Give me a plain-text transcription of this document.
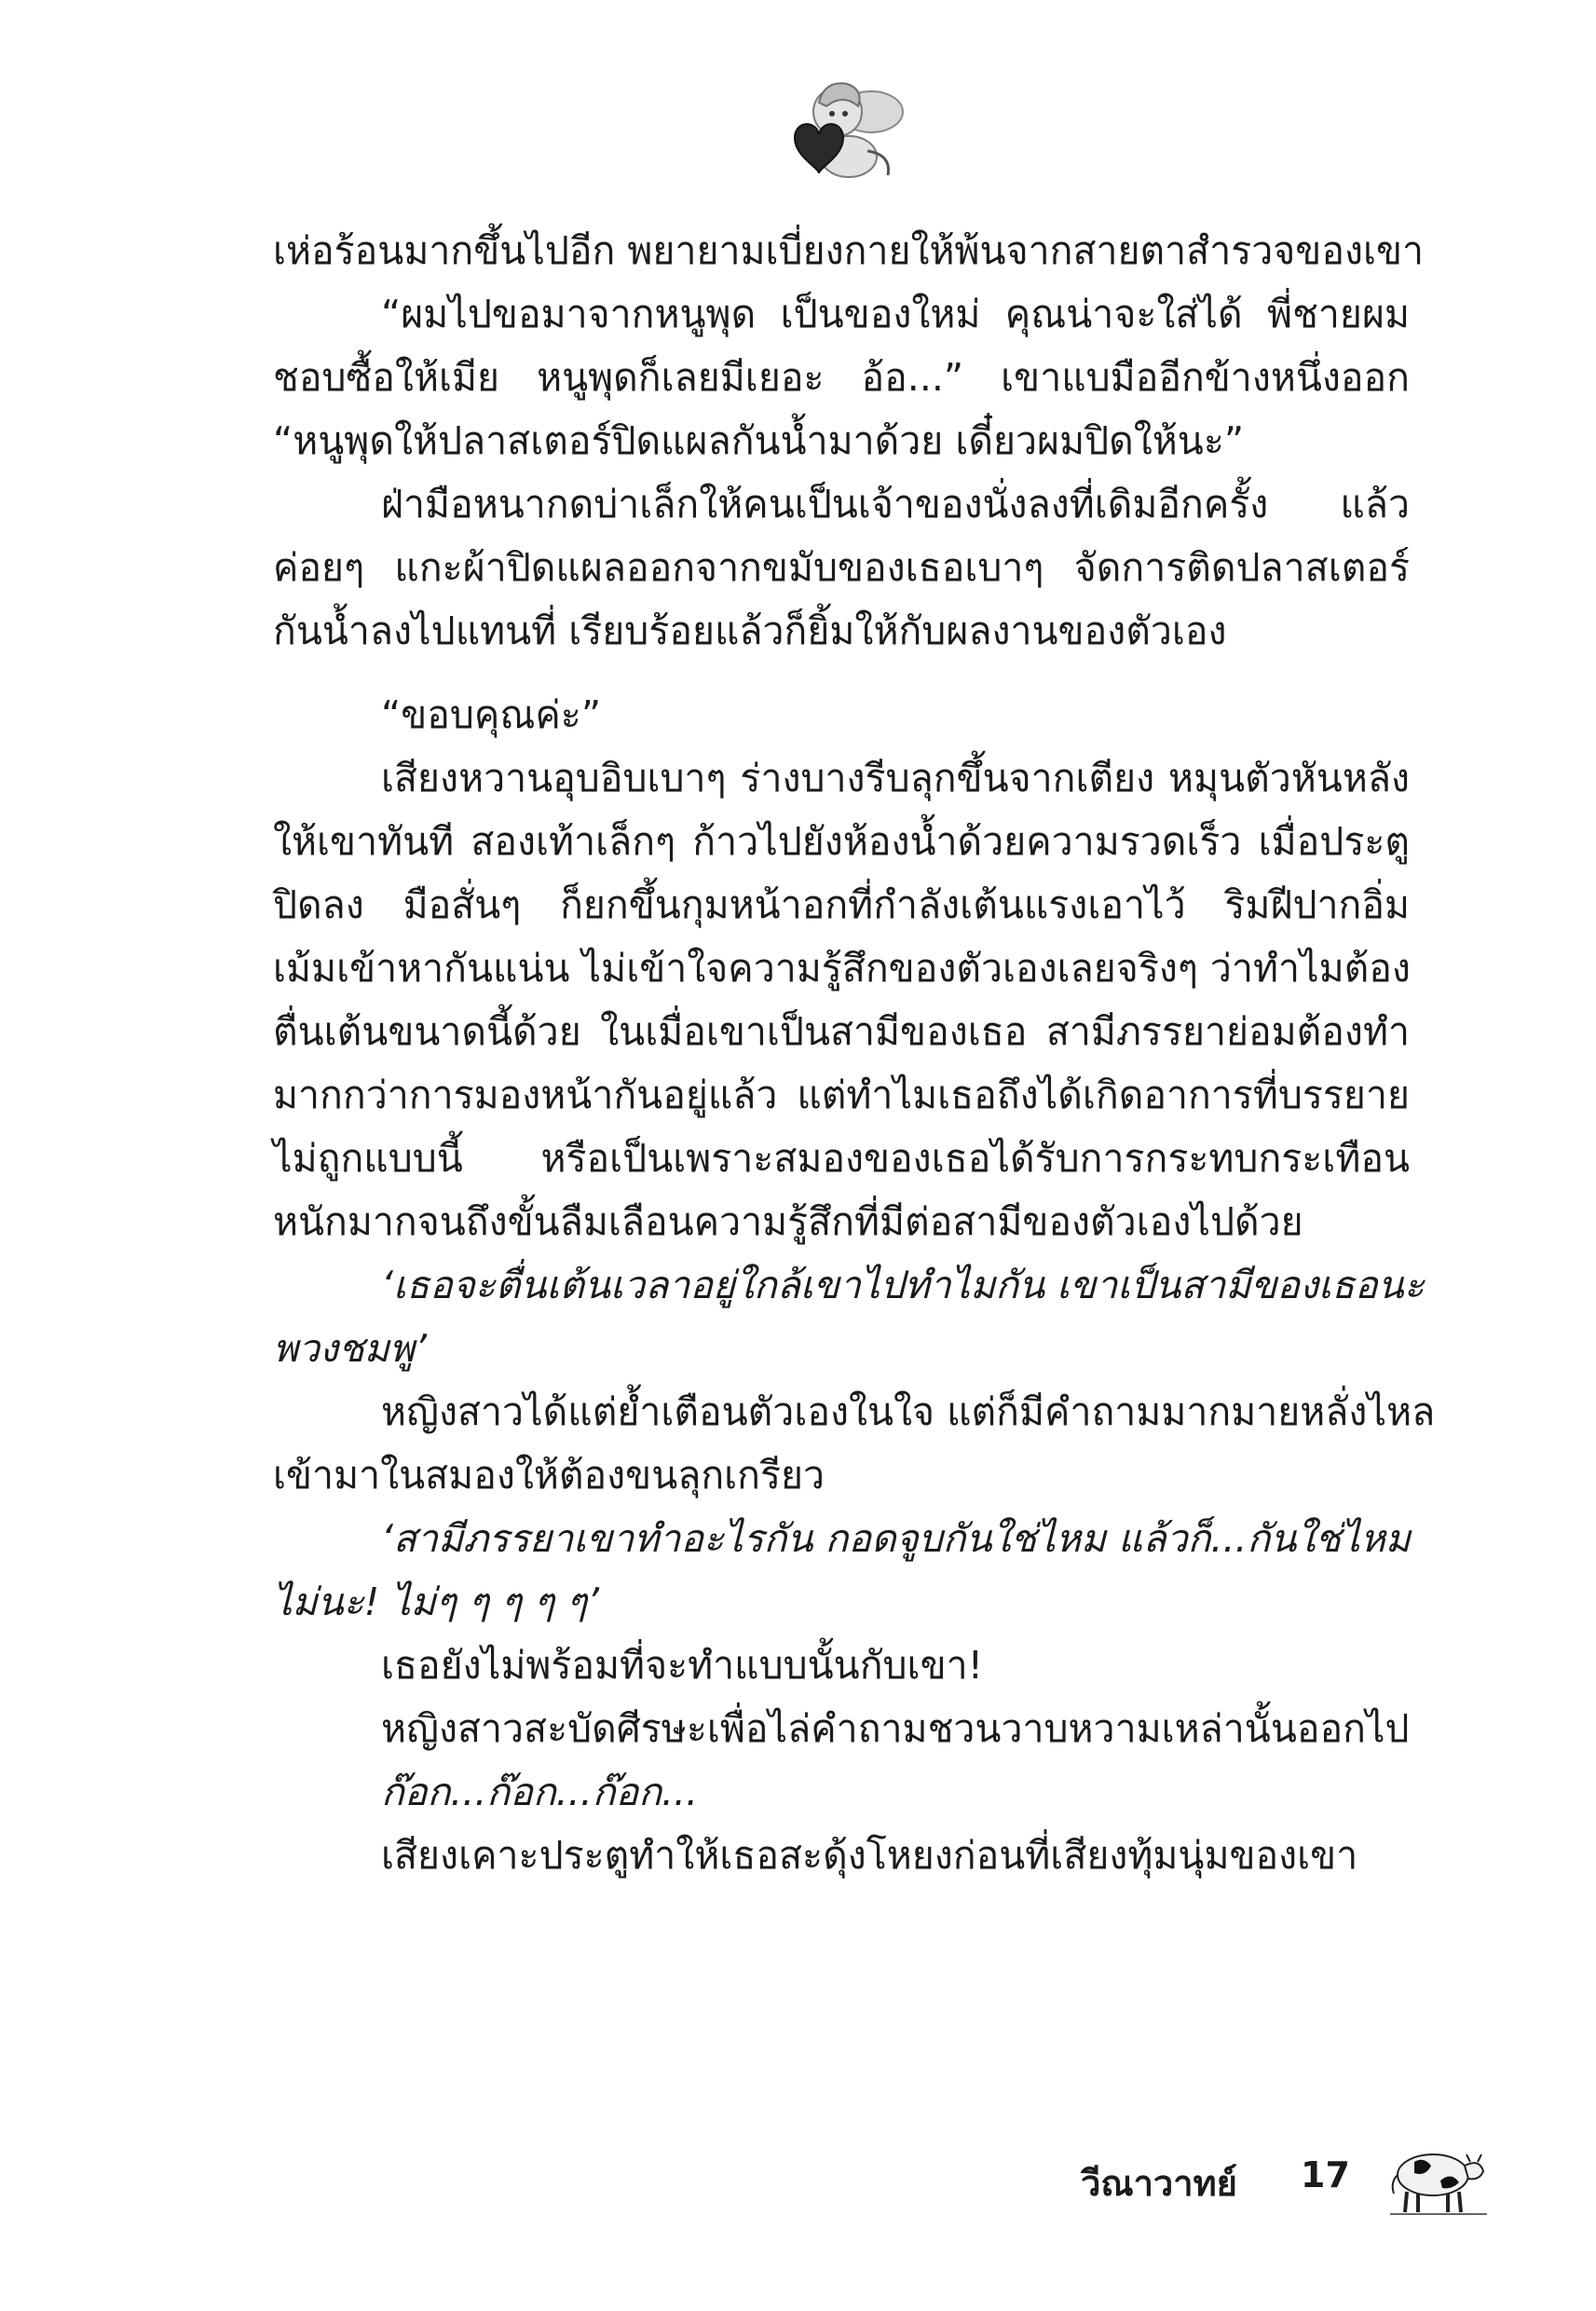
เห่อร้อนมากขึ้นไปอีก พยายามเบี่ยงกายให้พ้นจากสายตาสำรวจของเขา

“ผมไปขอมาจากหนูพุด เป็นของใหม่ คุณน่าจะใส่ได้ พี่ชายผม

ชอบซื้อให้เมีย หนูพุดก็เลยมีเยอะ อ้อ...” เขาแบมืออีกข้างหนึ่งออก

“หนูพุดให้ปลาสเตอร์ปิดแผลกันน้ำมาด้วย เดี๋ยวผมปิดให้นะ”

ฝ่ามือหนากดบ่าเล็กให้คนเป็นเจ้าของนั่งลงที่เดิมอีกครั้ง แล้ว

ค่อยๆ แกะผ้าปิดแผลออกจากขมับของเธอเบาๆ จัดการติดปลาสเตอร์

กันน้ำลงไปแทนที่ เรียบร้อยแล้วก็ยิ้มให้กับผลงานของตัวเอง

“ขอบคุณค่ะ”

เสียงหวานอุบอิบเบาๆ ร่างบางรีบลุกขึ้นจากเตียง หมุนตัวหันหลัง

ให้เขาทันที สองเท้าเล็กๆ ก้าวไปยังห้องน้ำด้วยความรวดเร็ว เมื่อประตู

ปิดลง มือสั่นๆ ก็ยกขึ้นกุมหน้าอกที่กำลังเต้นแรงเอาไว้ ริมฝีปากอิ่ม

เม้มเข้าหากันแน่น ไม่เข้าใจความรู้สึกของตัวเองเลยจริงๆ ว่าทำไมต้อง

ตื่นเต้นขนาดนี้ด้วย ในเมื่อเขาเป็นสามีของเธอ สามีภรรยาย่อมต้องทำ

มากกว่าการมองหน้ากันอยู่แล้ว แต่ทำไมเธอถึงได้เกิดอาการที่บรรยาย

ไม่ถูกแบบนี้ หรือเป็นเพราะสมองของเธอได้รับการกระทบกระเทือน

หนักมากจนถึงขั้นลืมเลือนความรู้สึกที่มีต่อสามีของตัวเองไปด้วย

‘เธอจะตื่นเต้นเวลาอยู่ใกล้เขาไปทำไมกัน เขาเป็นสามีของเธอนะ

พวงชมพู’

หญิงสาวได้แต่ย้ำเตือนตัวเองในใจ แต่ก็มีคำถามมากมายหลั่งไหล

เข้ามาในสมองให้ต้องขนลุกเกรียว

‘สามีภรรยาเขาทำอะไรกัน กอดจูบกันใช่ไหม แล้วก็...กันใช่ไหม

ไม่นะ! ไม่ๆ ๆ ๆ ๆ ๆ’

เธอยังไม่พร้อมที่จะทำแบบนั้นกับเขา!

หญิงสาวสะบัดศีรษะเพื่อไล่คำถามชวนวาบหวามเหล่านั้นออกไป

ก๊อก...ก๊อก...ก๊อก...

เสียงเคาะประตูทำให้เธอสะดุ้งโหยงก่อนที่เสียงทุ้มนุ่มของเขา

วีณาวาทย์ 17
